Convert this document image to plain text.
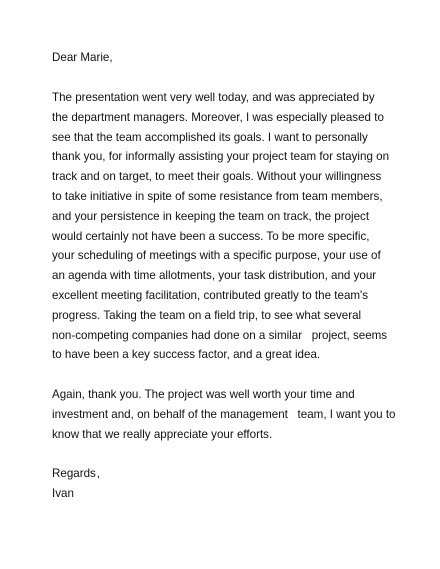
Dear Marie,
The presentation went very well today, and was appreciated by
the department managers. Moreover, I was especially pleased to
see that the team accomplished its goals. I want to personally
thank you, for informally assisting your project team for staying on
track and on target, to meet their goals. Without your willingness
to take initiative in spite of some resistance from team members,
and your persistence in keeping the team on track, the project
would certainly not have been a success. To be more specific,
your scheduling of meetings with a specific purpose, your use of
an agenda with time allotments, your task distribution, and your
excellent meeting facilitation, contributed greatly to the team's
progress. Taking the team on a field trip, to see what several
non-competing companies had done on a similar   project, seems
to have been a key success factor, and a great idea.
Again, thank you. The project was well worth your time and
investment and, on behalf of the management   team, I want you to
know that we really appreciate your efforts.
Regards ,
Ivan
